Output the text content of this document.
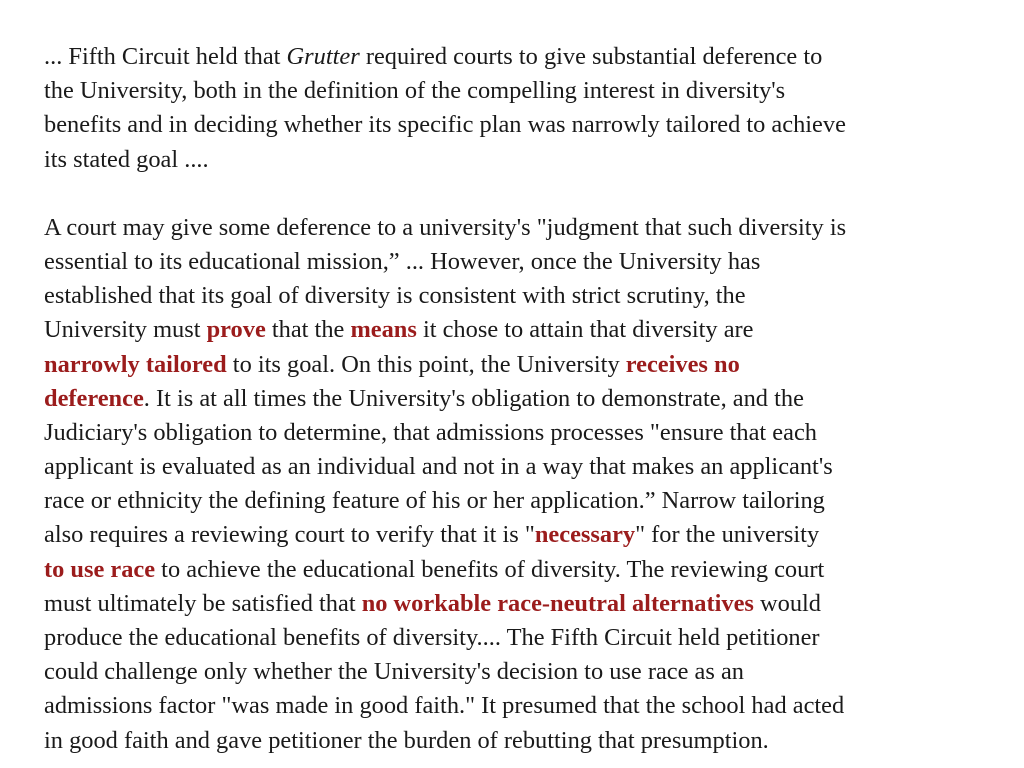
... Fifth Circuit held that Grutter required courts to give substantial deference to
the University, both in the definition of the compelling interest in diversity's
benefits and in deciding whether its specific plan was narrowly tailored to achieve
its stated goal ....

A court may give some deference to a university's "judgment that such diversity is
essential to its educational mission,” ... However, once the University has
established that its goal of diversity is consistent with strict scrutiny, the
University must prove that the means it chose to attain that diversity are
narrowly tailored to its goal. On this point, the University receives no
deference. It is at all times the University's obligation to demonstrate, and the
Judiciary's obligation to determine, that admissions processes "ensure that each
applicant is evaluated as an individual and not in a way that makes an applicant's
race or ethnicity the defining feature of his or her application.” Narrow tailoring
also requires a reviewing court to verify that it is "necessary" for the university
to use race to achieve the educational benefits of diversity. The reviewing court
must ultimately be satisfied that no workable race-neutral alternatives would
produce the educational benefits of diversity.... The Fifth Circuit held petitioner
could challenge only whether the University's decision to use race as an
admissions factor "was made in good faith." It presumed that the school had acted
in good faith and gave petitioner the burden of rebutting that presumption.
